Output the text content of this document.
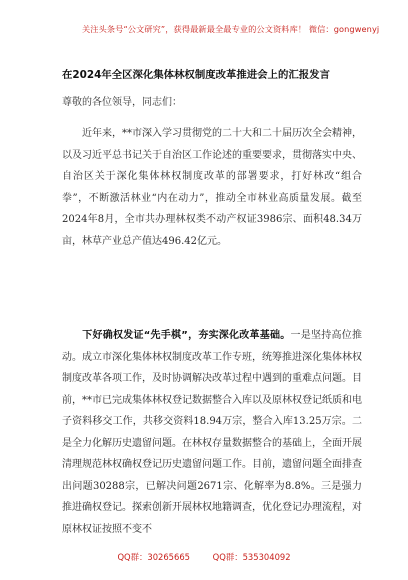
关注头条号“公文研究”，获得最新最全最专业的公文资料库！ 微信：gongwenyj
在2024年全区深化集体林权制度改革推进会上的汇报发言
尊敬的各位领导，同志们：
近年来，**市深入学习贯彻党的二十大和二十届历次全会精神，以及习近平总书记关于自治区工作论述的重要要求，贯彻落实中央、自治区关于深化集体林权制度改革的部署要求，打好林改“组合拳”，不断激活林业“内在动力”，推动全市林业高质量发展。截至2024年8月，全市共办理林权类不动产权证3986宗、面积48.34万亩，林草产业总产值达496.42亿元。
下好确权发证“先手棋”，夯实深化改革基础。一是坚持高位推动。成立市深化集体林权制度改革工作专班，统筹推进深化集体林权制度改革各项工作，及时协调解决改革过程中遇到的重难点问题。目前，**市已完成集体林权登记数据整合入库以及原林权登记纸质和电子资料移交工作，共移交资料18.94万宗，整合入库13.25万宗。二是全力化解历史遗留问题。在林权存量数据整合的基础上，全面开展清理规范林权确权登记历史遗留问题工作。目前，遗留问题全面排查出问题30288宗，已解决问题2671宗、化解率为8.8%。三是强力推进确权登记。探索创新开展林权地籍调查，优化登记办理流程，对原林权证按照不变不
QQ群：30265665	QQ群：535304092
